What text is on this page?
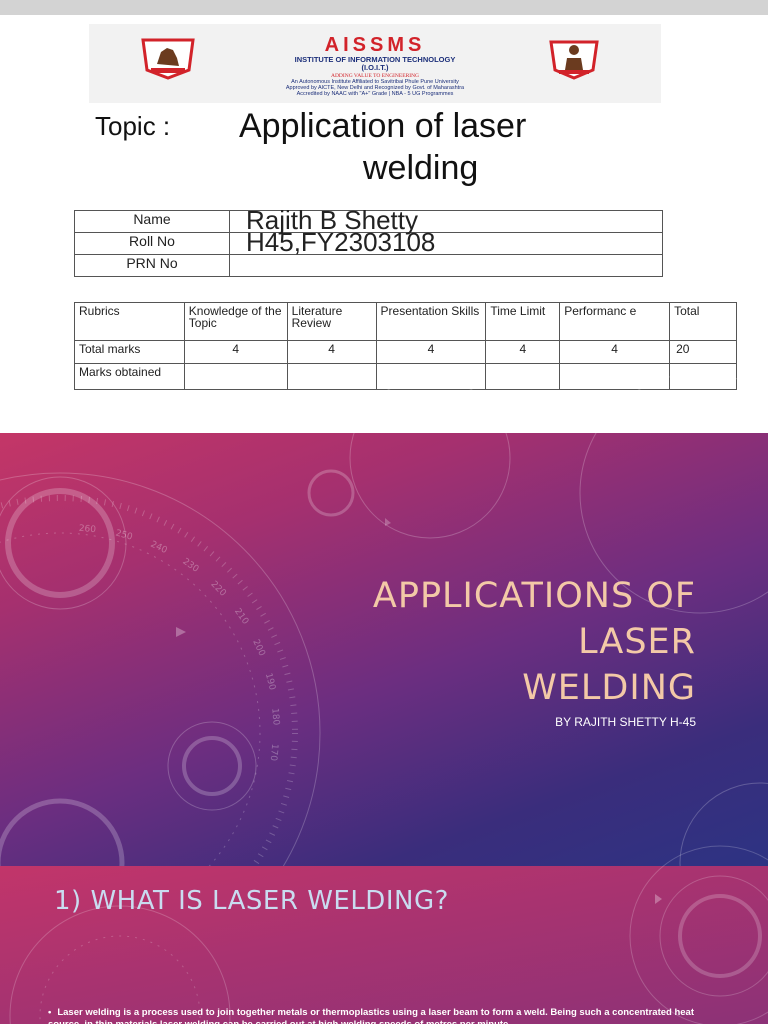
AISSMS
INSTITUTE OF INFORMATION TECHNOLOGY
(I.O.I.T.)
ADDING VALUE TO ENGINEERING
An Autonomous Institute Affiliated to Savitribai Phule Pune University
Approved by AICTE, New Delhi and Recognized by Govt. of Maharashtra
Accredited by NAAC with "A+" Grade | NBA - 5 UG Programmes
Topic : Application of laser
welding
Name	Rajith B Shetty
Roll No	H45,FY2303108
PRN No	
Rubrics	Knowledge of the Topic	Literature Review	Presentation Skills	Time Limit	Performanc e	Total
Total marks	4	4	4	4	4	20
Marks obtained						
170
180
190
200
210
220
230
240
250
260
APPLICATIONS OF
LASER
WELDING
BY RAJITH SHETTY H-45
1) WHAT IS LASER WELDING?
• Laser welding is a process used to join together metals or thermoplastics using a laser beam to form a weld. Being such a concentrated heat source, in thin materials laser welding can be carried out at high welding speeds of metres per minute.
